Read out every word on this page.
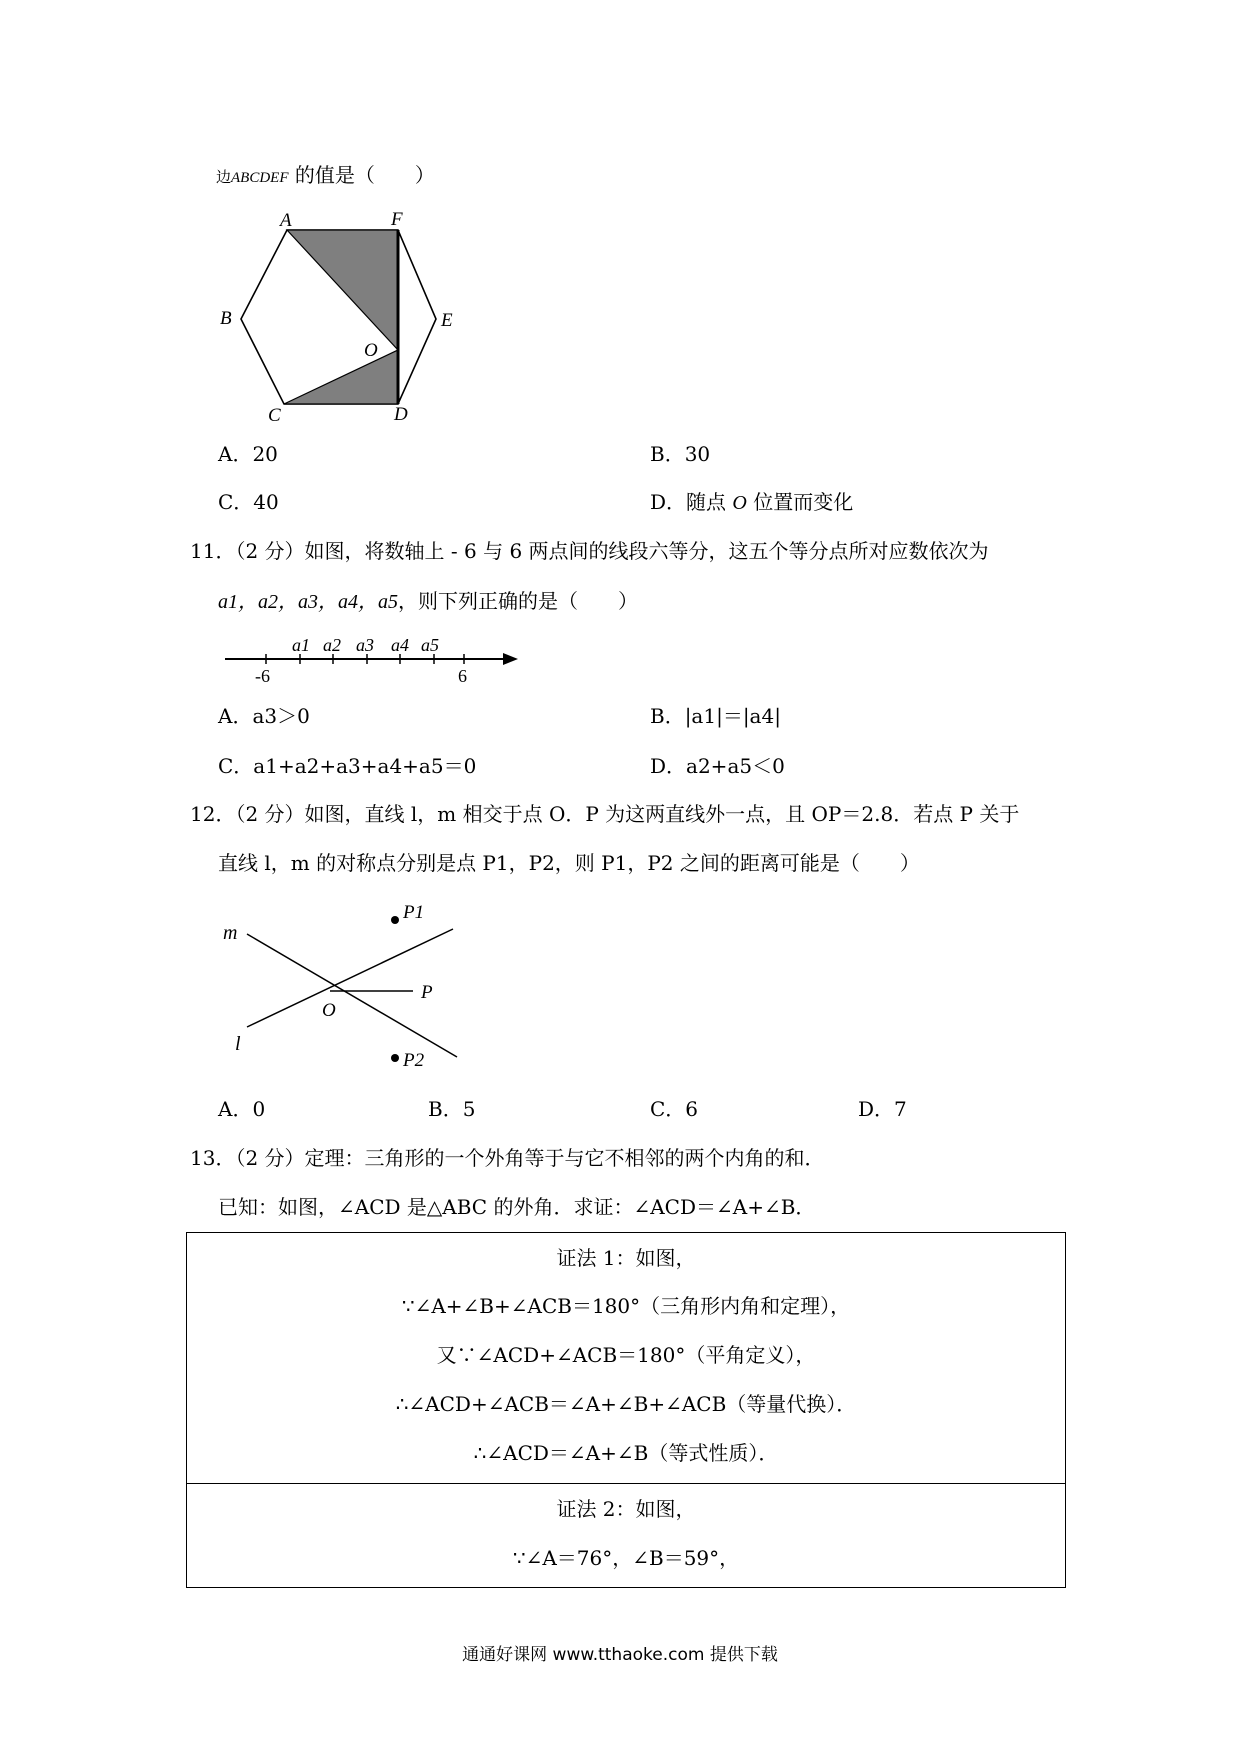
边ABCDEF 的值是（　　）
A	F
B	E
O
C	D
A．20	B．30
C．40	D．随点 O 位置而变化
11．（2 分）如图，将数轴上 - 6 与 6 两点间的线段六等分，这五个等分点所对应数依次为
a1，a2，a3，a4，a5，则下列正确的是（　　）
a1 a2 a3 a4 a5
-6	6
A．a3＞0	B．|a1|＝|a4|
C．a1+a2+a3+a4+a5＝0	D．a2+a5＜0
12．（2 分）如图，直线 l，m 相交于点 O．P 为这两直线外一点，且 OP＝2.8．若点 P 关于
直线 l，m 的对称点分别是点 P1，P2，则 P1，P2 之间的距离可能是（　　）
m
l
O
P
P1
P2
A．0	B．5	C．6	D．7
13．（2 分）定理：三角形的一个外角等于与它不相邻的两个内角的和．
已知：如图，∠ACD 是△ABC 的外角．求证：∠ACD＝∠A+∠B．
证法 1：如图，
∵∠A+∠B+∠ACB＝180°（三角形内角和定理），
又∵∠ACD+∠ACB＝180°（平角定义），
∴∠ACD+∠ACB＝∠A+∠B+∠ACB（等量代换）．
∴∠ACD＝∠A+∠B（等式性质）．
证法 2：如图，
∵∠A＝76°，∠B＝59°，
通通好课网 www.tthaoke.com 提供下载
